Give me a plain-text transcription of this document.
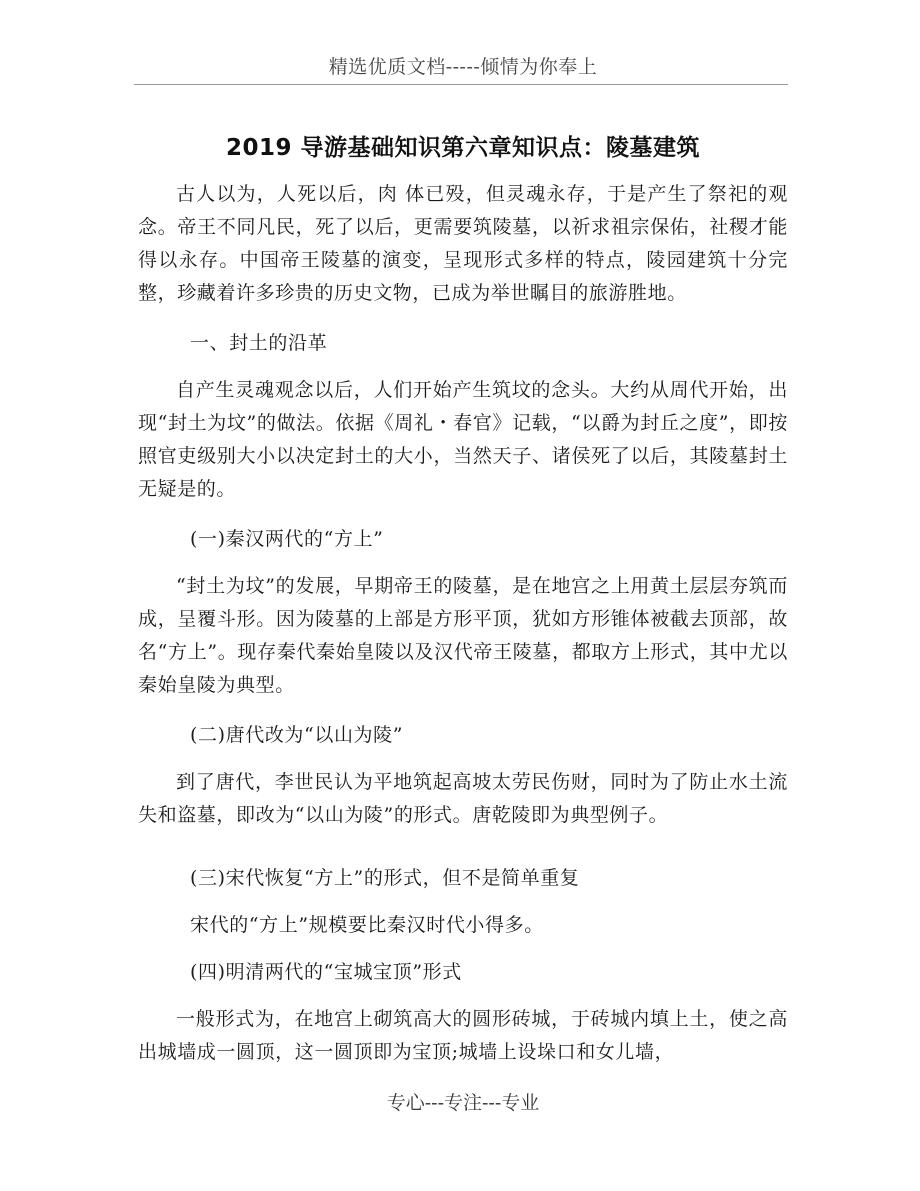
精选优质文档-----倾情为你奉上
2019 导游基础知识第六章知识点：陵墓建筑

古人以为，人死以后，肉 体已殁，但灵魂永存，于是产生了祭祀的观念。帝王不同凡民，死了以后，更需要筑陵墓，以祈求祖宗保佑，社稷才能得以永存。中国帝王陵墓的演变，呈现形式多样的特点，陵园建筑十分完整，珍藏着许多珍贵的历史文物，已成为举世瞩目的旅游胜地。

一、封土的沿革

自产生灵魂观念以后，人们开始产生筑坟的念头。大约从周代开始，出现“封土为坟”的做法。依据《周礼・春官》记载，“以爵为封丘之度”，即按照官吏级别大小以决定封土的大小，当然天子、诸侯死了以后，其陵墓封土无疑是的。

(一)秦汉两代的“方上”

“封土为坟”的发展，早期帝王的陵墓，是在地宫之上用黄土层层夯筑而成，呈覆斗形。因为陵墓的上部是方形平顶，犹如方形锥体被截去顶部，故名“方上”。现存秦代秦始皇陵以及汉代帝王陵墓，都取方上形式，其中尤以秦始皇陵为典型。

(二)唐代改为“以山为陵”

到了唐代，李世民认为平地筑起高坡太劳民伤财，同时为了防止水土流失和盗墓，即改为“以山为陵”的形式。唐乾陵即为典型例子。

(三)宋代恢复“方上”的形式，但不是简单重复

宋代的“方上”规模要比秦汉时代小得多。

(四)明清两代的“宝城宝顶”形式

一般形式为，在地宫上砌筑高大的圆形砖城，于砖城内填上土，使之高出城墙成一圆顶，这一圆顶即为宝顶;城墙上设垛口和女儿墙，

专心---专注---专业
